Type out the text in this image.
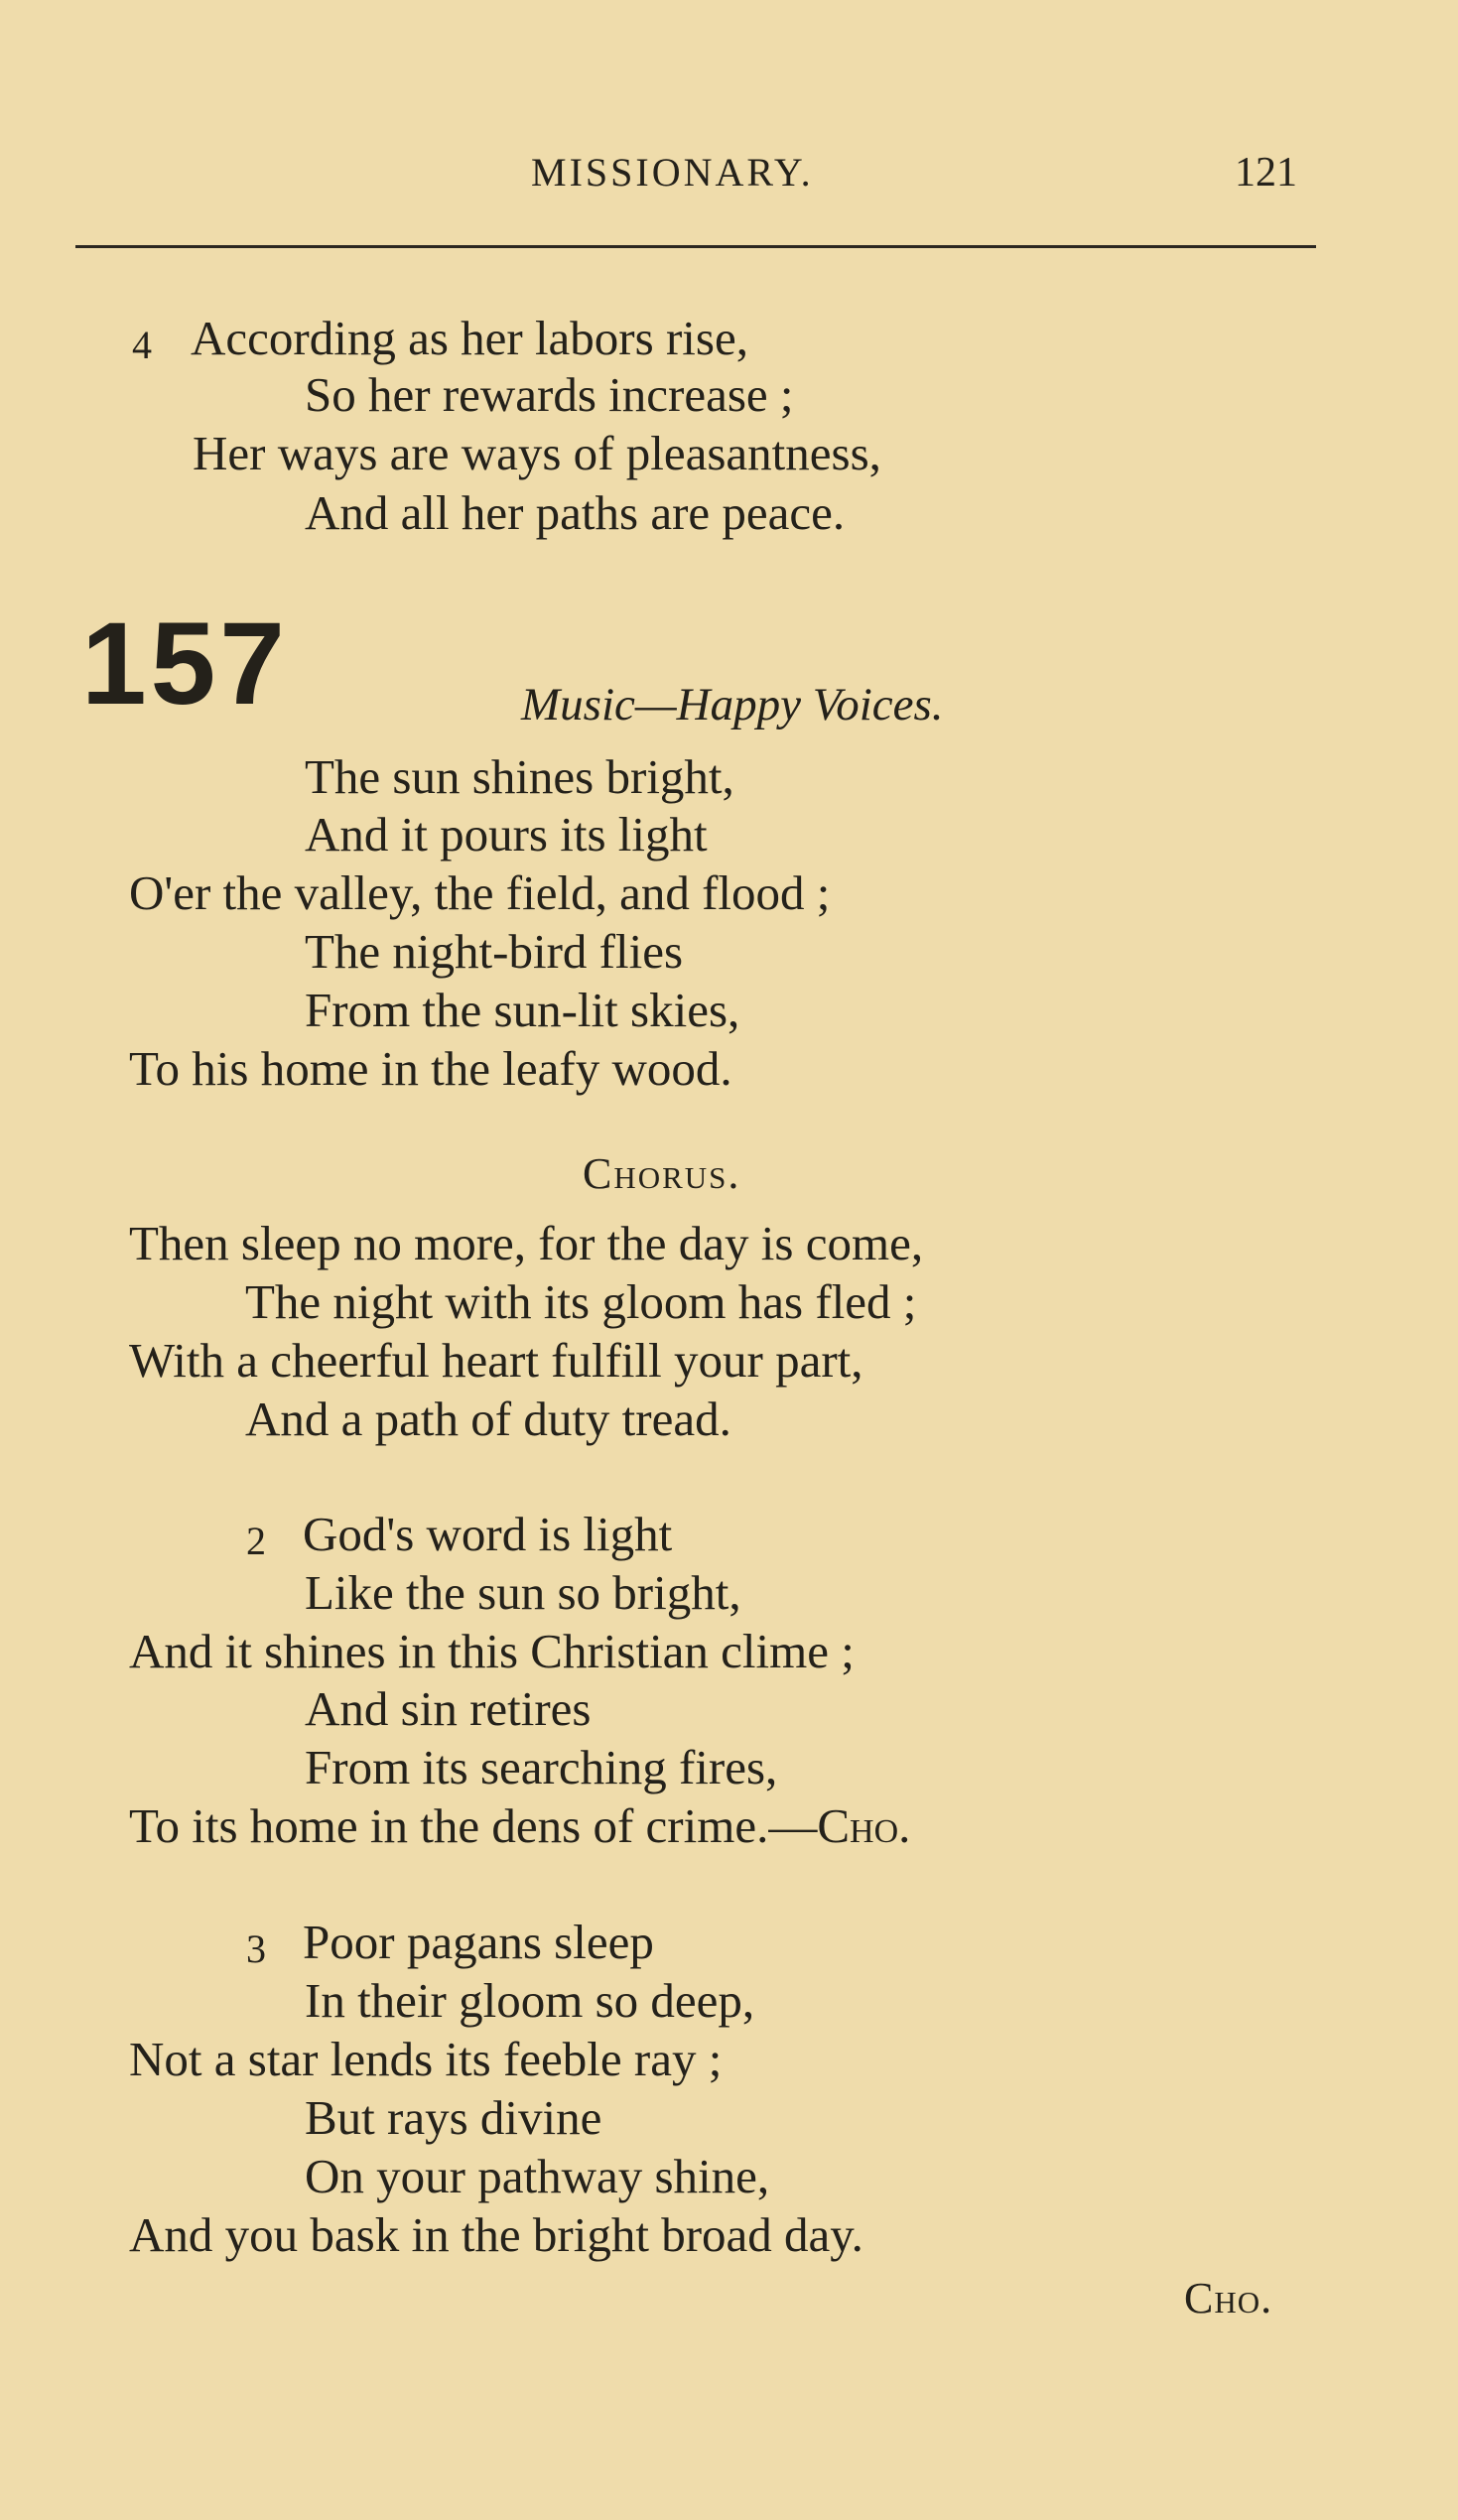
MISSIONARY.	121
4 According as her labors rise,
So her rewards increase ;
Her ways are ways of pleasantness,
And all her paths are peace.
157	Music—Happy Voices.
The sun shines bright,
And it pours its light
O'er the valley, the field, and flood ;
The night-bird flies
From the sun-lit skies,
To his home in the leafy wood.
Chorus.
Then sleep no more, for the day is come,
The night with its gloom has fled ;
With a cheerful heart fulfill your part,
And a path of duty tread.
2 God's word is light
Like the sun so bright,
And it shines in this Christian clime ;
And sin retires
From its searching fires,
To its home in the dens of crime.—Cho.
3 Poor pagans sleep
In their gloom so deep,
Not a star lends its feeble ray ;
But rays divine
On your pathway shine,
And you bask in the bright broad day.
Cho.
